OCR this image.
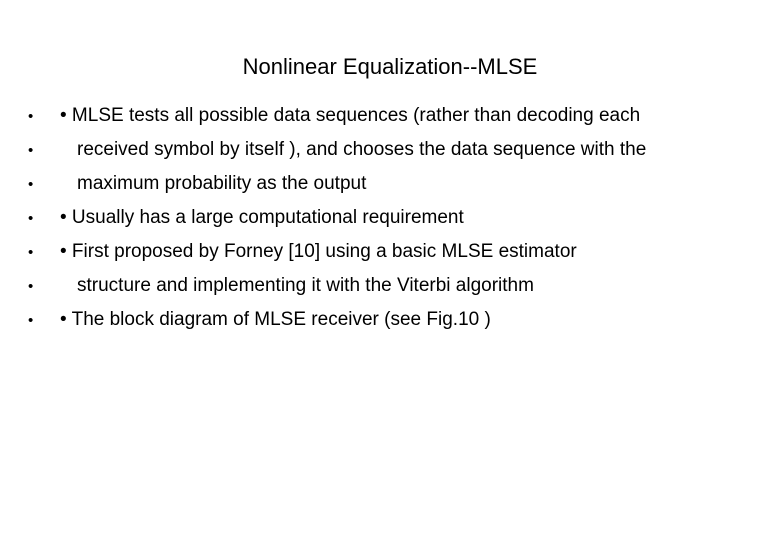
Nonlinear Equalization--MLSE
•	• MLSE tests all possible data sequences (rather than decoding each
•	received symbol by itself ), and chooses the data sequence with the
•	maximum probability as the output
•	• Usually has a large computational requirement
•	• First proposed by Forney [10] using a basic MLSE estimator
•	structure and implementing it with the Viterbi algorithm
•	• The block diagram of MLSE receiver (see Fig.10 )
